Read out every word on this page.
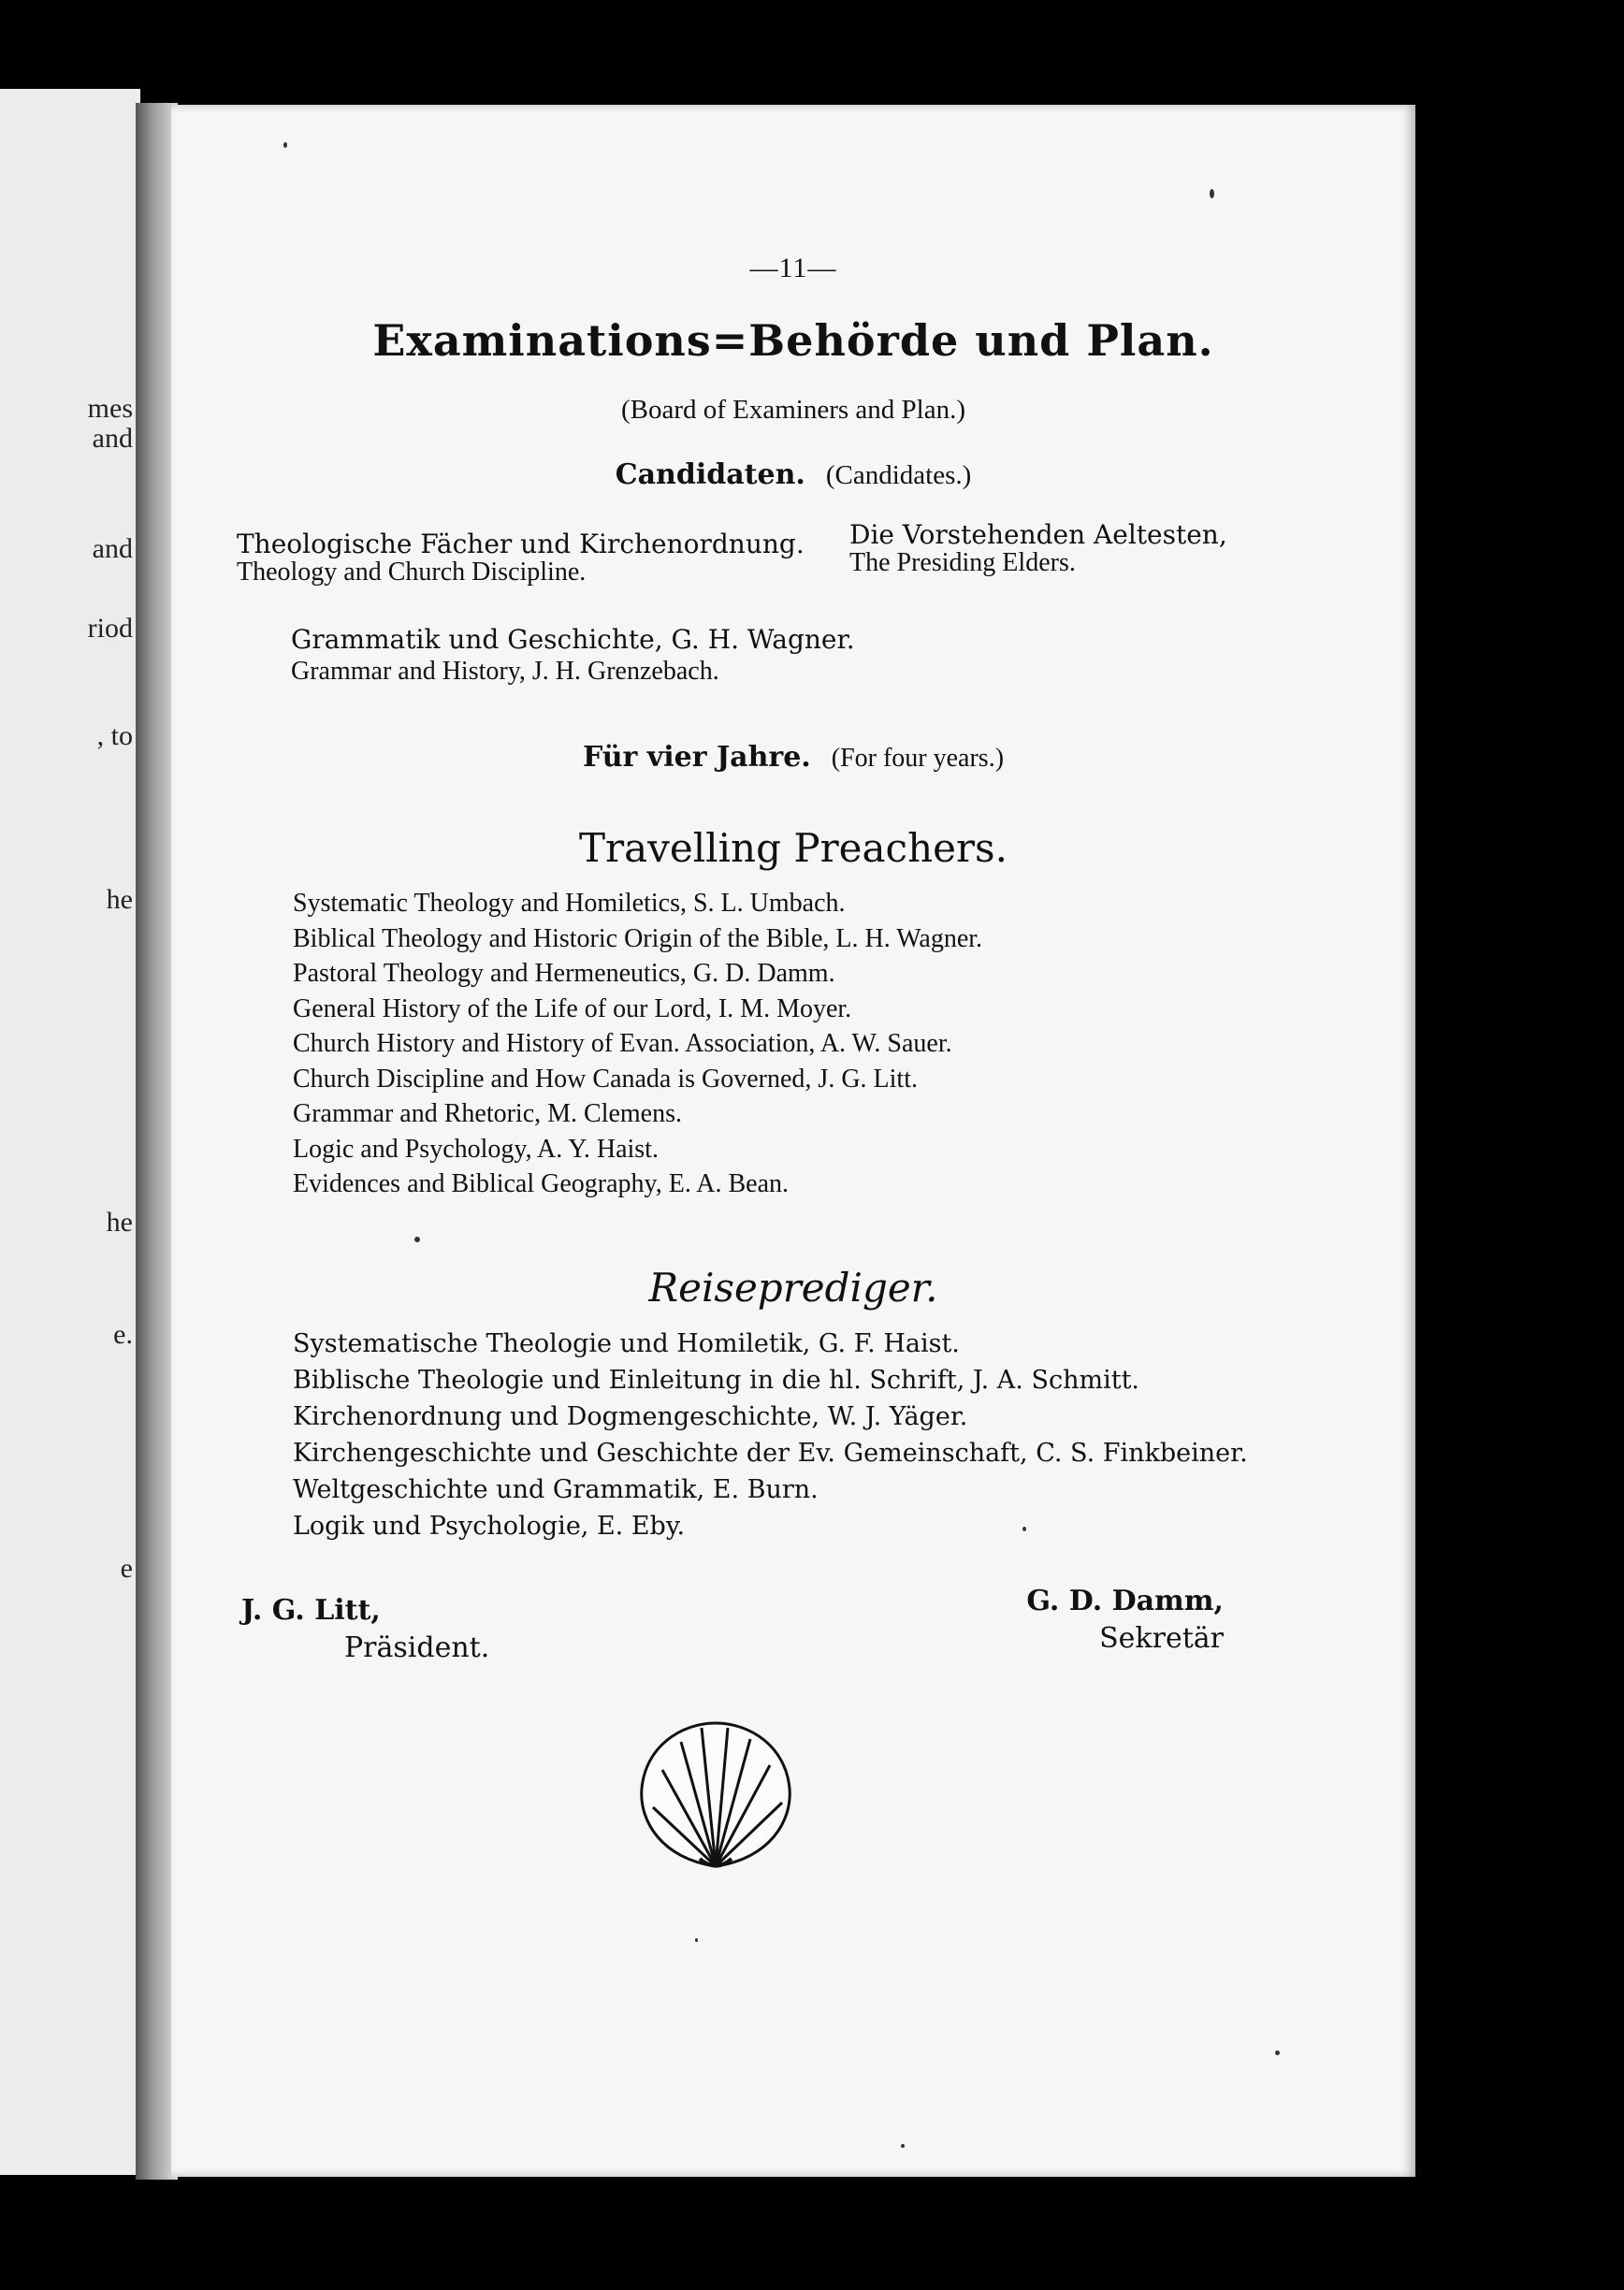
mes
and
and
riod
, to
he
he
e.
e
—11—
Examinations=Behörde und Plan.
(Board of Examiners and Plan.)
Candidaten. (Candidates.)
Theologische Fächer und Kirchenordnung.
Theology and Church Discipline.
Die Vorstehenden Aeltesten,
The Presiding Elders.
Grammatik und Geschichte, G. H. Wagner.
Grammar and History, J. H. Grenzebach.
Für vier Jahre. (For four years.)
Travelling Preachers.
Systematic Theology and Homiletics, S. L. Umbach.
Biblical Theology and Historic Origin of the Bible, L. H. Wagner.
Pastoral Theology and Hermeneutics, G. D. Damm.
General History of the Life of our Lord, I. M. Moyer.
Church History and History of Evan. Association, A. W. Sauer.
Church Discipline and How Canada is Governed, J. G. Litt.
Grammar and Rhetoric, M. Clemens.
Logic and Psychology, A. Y. Haist.
Evidences and Biblical Geography, E. A. Bean.
Reiseprediger.
Systematische Theologie und Homiletik, G. F. Haist.
Biblische Theologie und Einleitung in die hl. Schrift, J. A. Schmitt.
Kirchenordnung und Dogmengeschichte, W. J. Yäger.
Kirchengeschichte und Geschichte der Ev. Gemeinschaft, C. S. Finkbeiner.
Weltgeschichte und Grammatik, E. Burn.
Logik und Psychologie, E. Eby.
J. G. Litt,
Präsident.
G. D. Damm,
Sekretär
